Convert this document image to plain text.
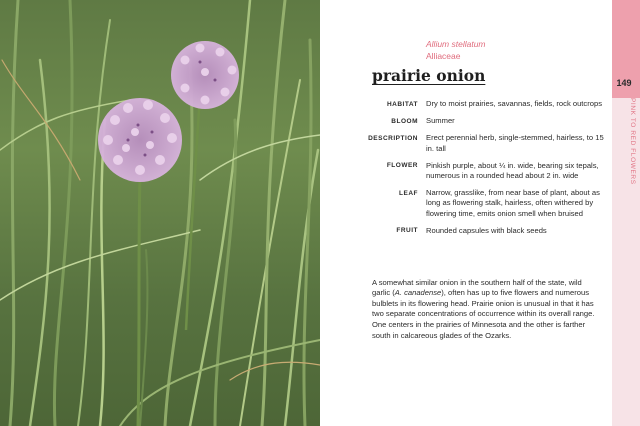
149
PINK TO RED FLOWERS
Allium stellatum
Alliaceae
prairie onion
HABITAT Dry to moist prairies, savannas, fields, rock outcrops
BLOOM Summer
DESCRIPTION Erect perennial herb, single-stemmed, hairless, to 15 in. tall
FLOWER Pinkish purple, about ¼ in. wide, bearing six tepals, numerous in a rounded head about 2 in. wide
LEAF Narrow, grasslike, from near base of plant, about as long as flowering stalk, hairless, often withered by flowering time, emits onion smell when bruised
FRUIT Rounded capsules with black seeds

A somewhat similar onion in the southern half of the state, wild garlic (A. canadense), often has up to five flowers and numerous bulblets in its flowering head. Prairie onion is unusual in that it has two separate concentrations of occurrence within its overall range. One centers in the prairies of Minnesota and the other is farther south in calcareous glades of the Ozarks.
